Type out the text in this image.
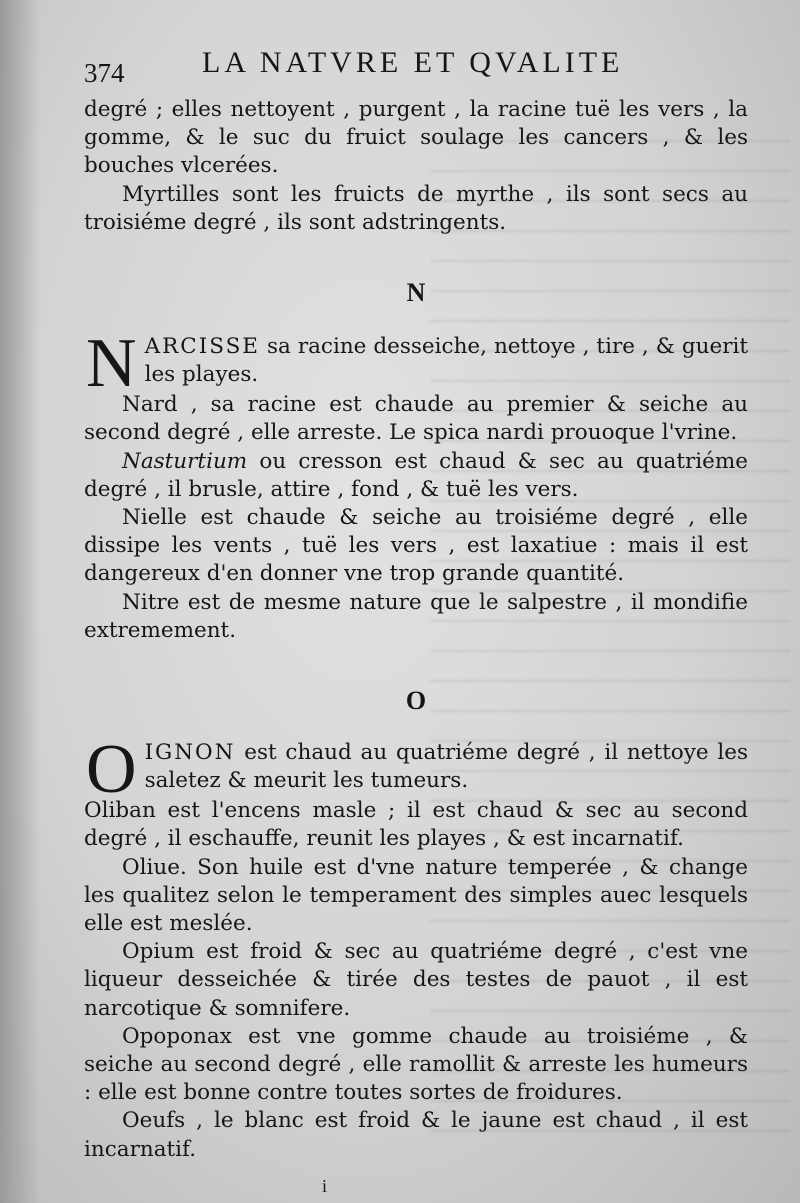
374	LA NATVRE ET QVALITE

degré ; elles nettoyent , purgent , la racine tuë les vers , la gomme, & le suc du fruict soulage les cancers , & les bouches vlcerées.

Myrtilles sont les fruicts de myrthe , ils sont secs au troisiéme degré , ils sont adstringents.

N

NARCISSE sa racine desseiche, nettoye , tire , & guerit les playes.

Nard , sa racine est chaude au premier & seiche au second degré , elle arreste. Le spica nardi prouoque l'vrine.

Nasturtium ou cresson est chaud & sec au quatriéme degré , il brusle, attire , fond , & tuë les vers.

Nielle est chaude & seiche au troisiéme degré , elle dissipe les vents , tuë les vers , est laxatiue : mais il est dangereux d'en donner vne trop grande quantité.

Nitre est de mesme nature que le salpestre , il mondifie extremement.

O

OIGNON est chaud au quatriéme degré , il nettoye les saletez & meurit les tumeurs.

Oliban est l'encens masle ; il est chaud & sec au second degré , il eschauffe, reunit les playes , & est incarnatif.

Oliue. Son huile est d'vne nature temperée , & change les qualitez selon le temperament des simples auec lesquels elle est meslée.

Opium est froid & sec au quatriéme degré , c'est vne liqueur desseichée & tirée des testes de pauot , il est narcotique & somnifere.

Opoponax est vne gomme chaude au troisiéme , & seiche au second degré , elle ramollit & arreste les humeurs : elle est bonne contre toutes sortes de froidures.

Oeufs , le blanc est froid & le jaune est chaud , il est incarnatif.

i
